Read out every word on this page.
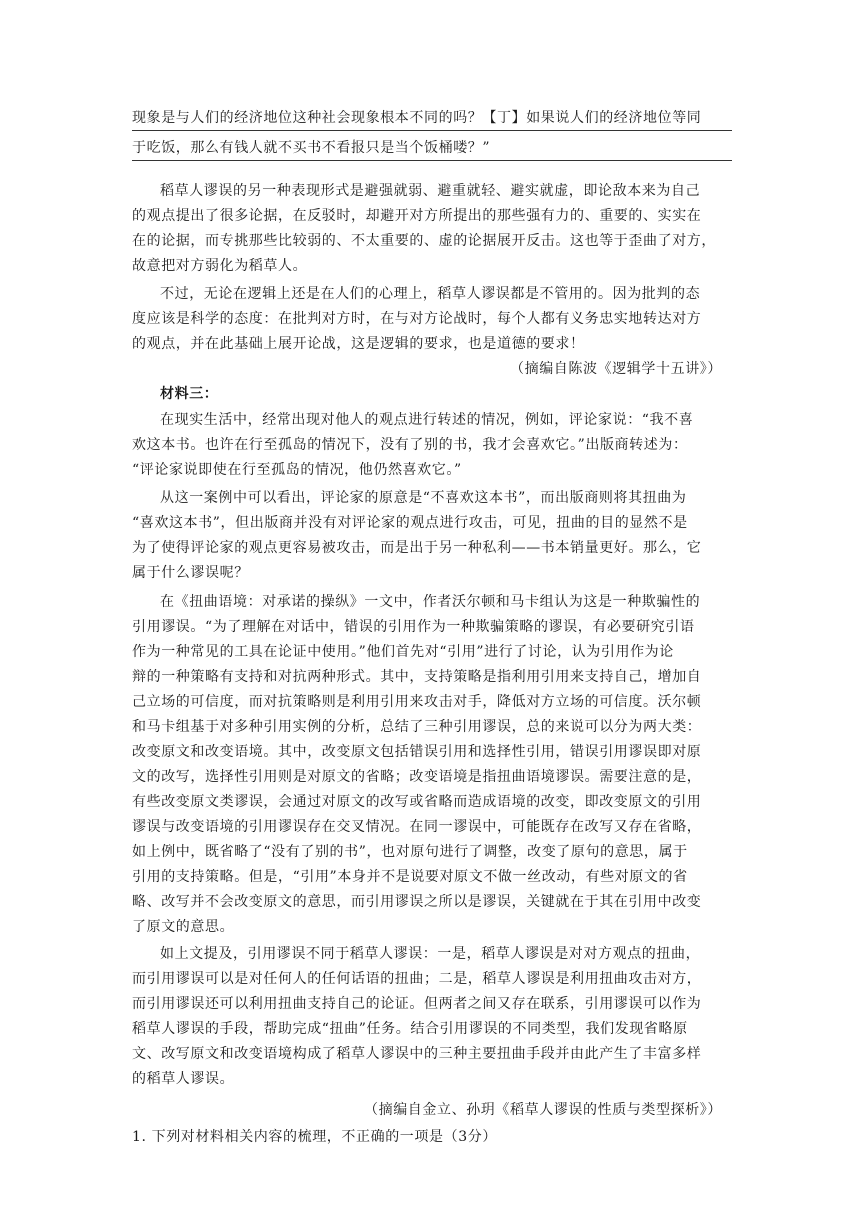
现象是与人们的经济地位这种社会现象根本不同的吗？【丁】如果说人们的经济地位等同
于吃饭，那么有钱人就不买书不看报只是当个饭桶喽？”
稻草人谬误的另一种表现形式是避强就弱、避重就轻、避实就虚，即论敌本来为自己
的观点提出了很多论据，在反驳时，却避开对方所提出的那些强有力的、重要的、实实在
在的论据，而专挑那些比较弱的、不太重要的、虚的论据展开反击。这也等于歪曲了对方，
故意把对方弱化为稻草人。
不过，无论在逻辑上还是在人们的心理上，稻草人谬误都是不管用的。因为批判的态
度应该是科学的态度：在批判对方时，在与对方论战时，每个人都有义务忠实地转达对方
的观点，并在此基础上展开论战，这是逻辑的要求，也是道德的要求！
（摘编自陈波《逻辑学十五讲》）
材料三：
在现实生活中，经常出现对他人的观点进行转述的情况，例如，评论家说：“我不喜
欢这本书。也许在行至孤岛的情况下，没有了别的书，我才会喜欢它。”出版商转述为：
“评论家说即使在行至孤岛的情况，他仍然喜欢它。”
从这一案例中可以看出，评论家的原意是“不喜欢这本书”，而出版商则将其扭曲为
“喜欢这本书”，但出版商并没有对评论家的观点进行攻击，可见，扭曲的目的显然不是
为了使得评论家的观点更容易被攻击，而是出于另一种私利——书本销量更好。那么，它
属于什么谬误呢？
在《扭曲语境：对承诺的操纵》一文中，作者沃尔顿和马卡组认为这是一种欺骗性的
引用谬误。“为了理解在对话中，错误的引用作为一种欺骗策略的谬误，有必要研究引语
作为一种常见的工具在论证中使用。”他们首先对“引用”进行了讨论，认为引用作为论
辩的一种策略有支持和对抗两种形式。其中，支持策略是指利用引用来支持自己，增加自
己立场的可信度，而对抗策略则是利用引用来攻击对手，降低对方立场的可信度。沃尔顿
和马卡组基于对多种引用实例的分析，总结了三种引用谬误，总的来说可以分为两大类：
改变原文和改变语境。其中，改变原文包括错误引用和选择性引用，错误引用谬误即对原
文的改写，选择性引用则是对原文的省略；改变语境是指扭曲语境谬误。需要注意的是，
有些改变原文类谬误，会通过对原文的改写或省略而造成语境的改变，即改变原文的引用
谬误与改变语境的引用谬误存在交叉情况。在同一谬误中，可能既存在改写又存在省略，
如上例中，既省略了“没有了别的书”，也对原句进行了调整，改变了原句的意思，属于
引用的支持策略。但是，“引用”本身并不是说要对原文不做一丝改动，有些对原文的省
略、改写并不会改变原文的意思，而引用谬误之所以是谬误，关键就在于其在引用中改变
了原文的意思。
如上文提及，引用谬误不同于稻草人谬误：一是，稻草人谬误是对对方观点的扭曲，
而引用谬误可以是对任何人的任何话语的扭曲；二是，稻草人谬误是利用扭曲攻击对方，
而引用谬误还可以利用扭曲支持自己的论证。但两者之间又存在联系，引用谬误可以作为
稻草人谬误的手段，帮助完成“扭曲”任务。结合引用谬误的不同类型，我们发现省略原
文、改写原文和改变语境构成了稻草人谬误中的三种主要扭曲手段并由此产生了丰富多样
的稻草人谬误。
（摘编自金立、孙玥《稻草人谬误的性质与类型探析》）
1. 下列对材料相关内容的梳理，不正确的一项是（3分）
